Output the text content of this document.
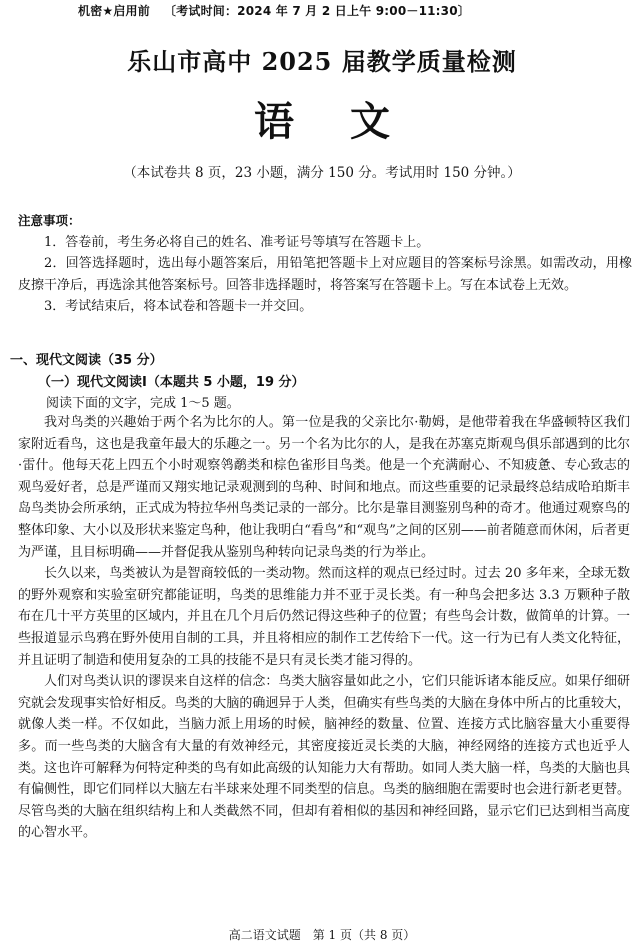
机密★启用前 〔考试时间：2024 年 7 月 2 日上午 9:00－11:30〕
乐山市高中 2025 届教学质量检测
语文
（本试卷共 8 页，23 小题，满分 150 分。考试用时 150 分钟。）
注意事项：
1．答卷前，考生务必将自己的姓名、准考证号等填写在答题卡上。
2．回答选择题时，选出每小题答案后，用铅笔把答题卡上对应题目的答案标号涂黑。如需改动，用橡皮擦干净后，再选涂其他答案标号。回答非选择题时，将答案写在答题卡上。写在本试卷上无效。
3．考试结束后，将本试卷和答题卡一并交回。
一、现代文阅读（35 分）
（一）现代文阅读Ⅰ（本题共 5 小题，19 分）
阅读下面的文字，完成 1～5 题。

我对鸟类的兴趣始于两个名为比尔的人。第一位是我的父亲比尔·勒姆，是他带着我在华盛顿特区我们家附近看鸟，这也是我童年最大的乐趣之一。另一个名为比尔的人，是我在苏塞克斯观鸟俱乐部遇到的比尔·雷什。他每天花上四五个小时观察鸰鹬类和棕色雀形目鸟类。他是一个充满耐心、不知疲惫、专心致志的观鸟爱好者，总是严谨而又翔实地记录观测到的鸟种、时间和地点。而这些重要的记录最终总结成哈珀斯丰岛鸟类协会所承纳，正式成为特拉华州鸟类记录的一部分。比尔是靠目测鉴别鸟种的奇才。他通过观察鸟的整体印象、大小以及形状来鉴定鸟种，他让我明白“看鸟”和“观鸟”之间的区别——前者随意而休闲，后者更为严谨，且目标明确——并督促我从鉴别鸟种转向记录鸟类的行为举止。

长久以来，鸟类被认为是智商较低的一类动物。然而这样的观点已经过时。过去 20 多年来，全球无数的野外观察和实验室研究都能证明，鸟类的思维能力并不亚于灵长类。有一种鸟会把多达 3.3 万颗种子散布在几十平方英里的区域内，并且在几个月后仍然记得这些种子的位置；有些鸟会计数，做简单的计算。一些报道显示鸟鸦在野外使用自制的工具，并且将相应的制作工艺传给下一代。这一行为已有人类文化特征，并且证明了制造和使用复杂的工具的技能不是只有灵长类才能习得的。

人们对鸟类认识的谬误来自这样的信念：鸟类大脑容量如此之小，它们只能诉诸本能反应。如果仔细研究就会发现事实恰好相反。鸟类的大脑的确迥异于人类，但确实有些鸟类的大脑在身体中所占的比重较大，就像人类一样。不仅如此，当脑力派上用场的时候，脑神经的数量、位置、连接方式比脑容量大小重要得多。而一些鸟类的大脑含有大量的有效神经元，其密度接近灵长类的大脑，神经网络的连接方式也近乎人类。这也许可解释为何特定种类的鸟有如此高级的认知能力大有帮助。如同人类大脑一样，鸟类的大脑也具有偏侧性，即它们同样以大脑左右半球来处理不同类型的信息。鸟类的脑细胞在需要时也会进行新老更替。尽管鸟类的大脑在组织结构上和人类截然不同，但却有着相似的基因和神经回路，显示它们已达到相当高度的心智水平。

高二语文试题　第 1 页（共 8 页）
